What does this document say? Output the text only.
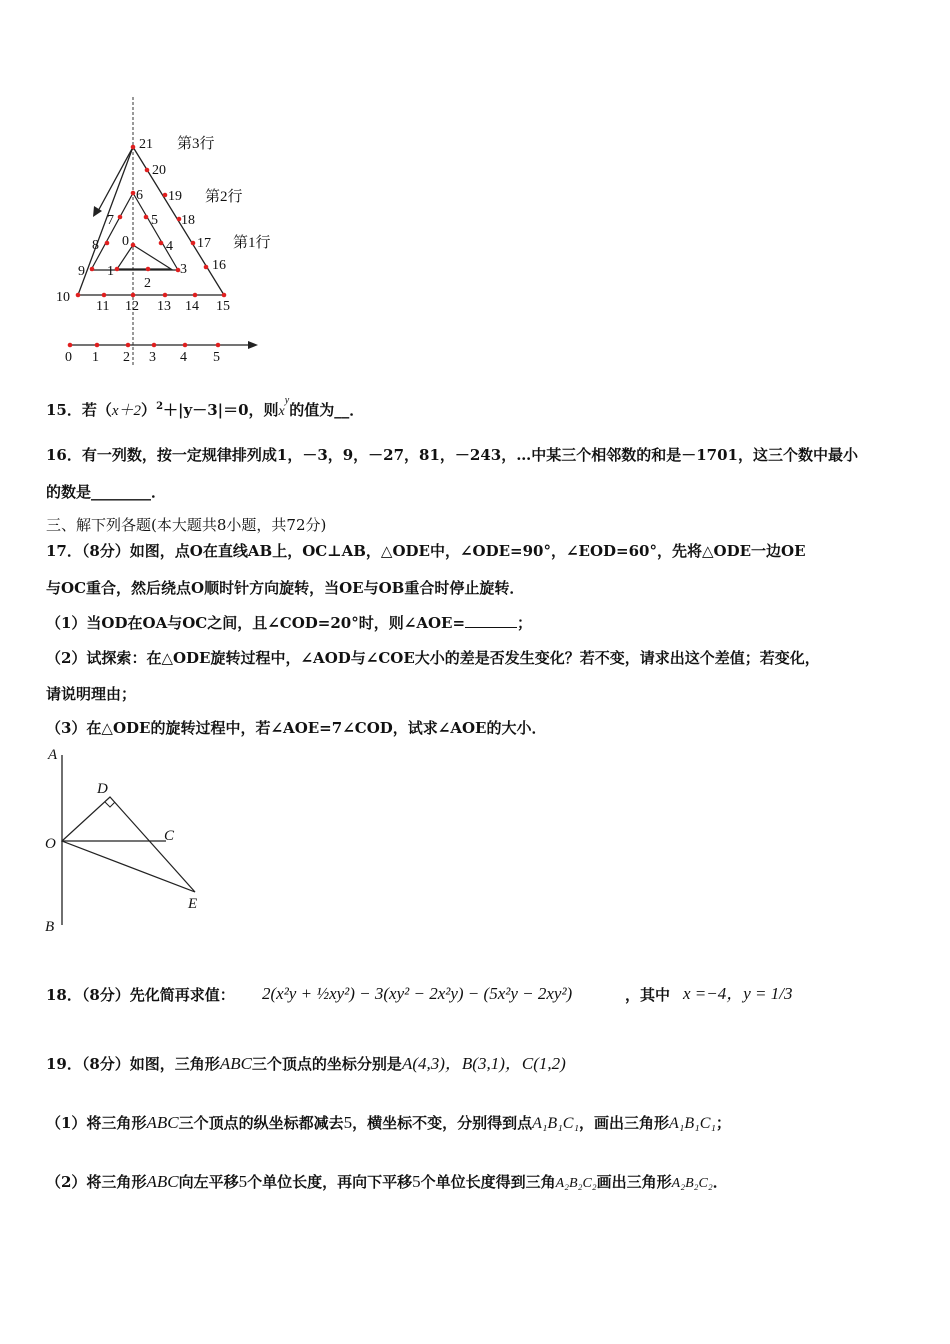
21
20
6 19
7	5 18
0
8	4 17
9 1	3 16
2
10
11 12 13 14 15
第3行
第2行
第1行
0 1 2 3 4 5
15．若$(x+2)^2+|y-3|=0$，则$x^y$的值为__．
16．有一列数，按一定规律排列成1，－3，9，－27，81，－243，…中某三个相邻数的和是－1701，这三个数中最小
的数是________．
三、解下列各题(本大题共8小题，共72分)
17．（8分）如图，点O在直线AB上，OC⊥AB，△ODE中，∠ODE=90°，∠EOD=60°，先将△ODE一边OE
与OC重合，然后绕点O顺时针方向旋转，当OE与OB重合时停止旋转．
（1）当OD在OA与OC之间，且∠COD=20°时，则∠AOE=	；
（2）试探索：在△ODE旋转过程中，∠AOD与∠COE大小的差是否发生变化？若不变，请求出这个差值；若变化，
请说明理由；
（3）在△ODE的旋转过程中，若∠AOE=7∠COD，试求∠AOE的大小．
A
D
C
O
E
B
18．（8分）先化简再求值： 2(x²y + ½xy²) − 3(xy² − 2x²y) − (5x²y − 2xy²)	，其中 x =−4，y = 1/3
19．（8分）如图，三角形ABC三个顶点的坐标分别是A(4,3)，B(3,1)，C(1,2)
（1）将三角形ABC三个顶点的纵坐标都减去5，横坐标不变，分别得到点A₁B₁C₁，画出三角形A₁B₁C₁；
（2）将三角形ABC向左平移5个单位长度，再向下平移5个单位长度得到三角A₂B₂C₂画出三角形A₂B₂C₂．
